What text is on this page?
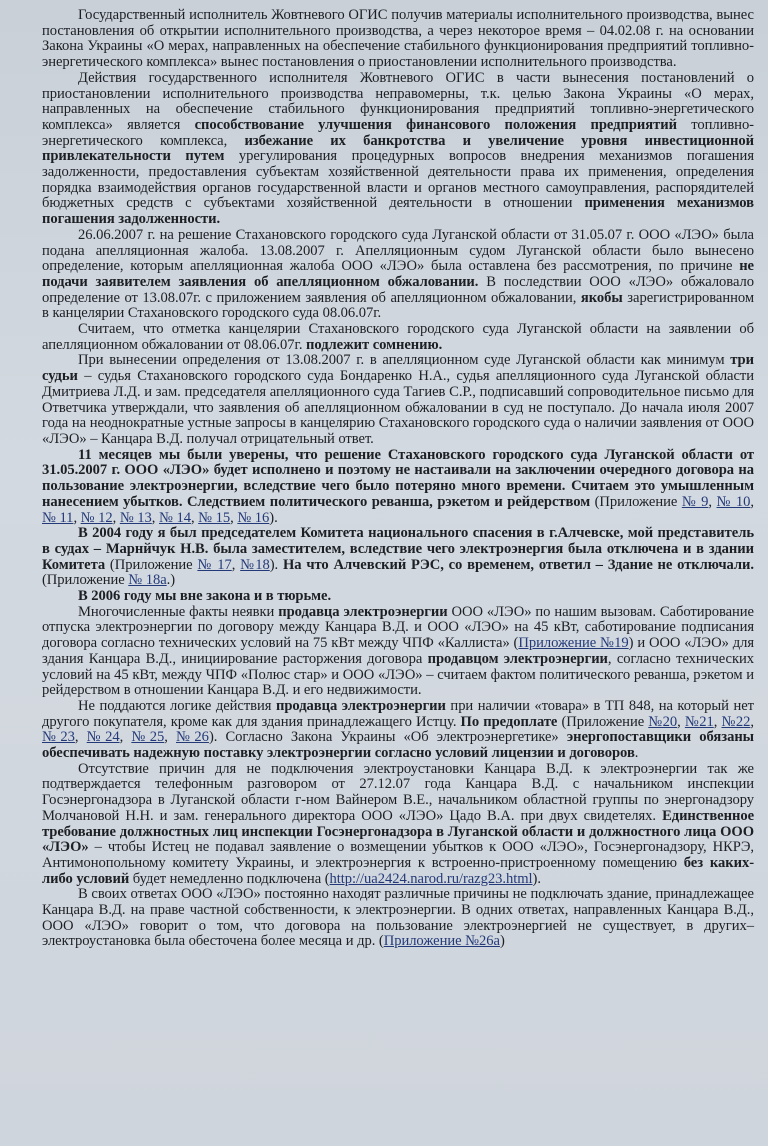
Государственный исполнитель Жовтневого ОГИС получив материалы исполнительного производства, вынес постановления об открытии исполнительного производства, а через некоторое время – 04.02.08 г. на основании Закона Украины «О мерах, направленных на обеспечение стабильного функционирования предприятий топливно-энергетического комплекса» вынес постановления о приостановлении исполнительного производства.

Действия государственного исполнителя Жовтневого ОГИС в части вынесения постановлений о приостановлении исполнительного производства неправомерны, т.к. целью Закона Украины «О мерах, направленных на обеспечение стабильного функционирования предприятий топливно-энергетического комплекса» является способствование улучшения финансового положения предприятий топливно-энергетического комплекса, избежание их банкротства и увеличение уровня инвестиционной привлекательности путем урегулирования процедурных вопросов внедрения механизмов погашения задолженности, предоставления субъектам хозяйственной деятельности права их применения, определения порядка взаимодействия органов государственной власти и органов местного самоуправления, распорядителей бюджетных средств с субъектами хозяйственной деятельности в отношении применения механизмов погашения задолженности.

26.06.2007 г. на решение Стахановского городского суда Луганской области от 31.05.07 г. ООО «ЛЭО» была подана апелляционная жалоба. 13.08.2007 г. Апелляционным судом Луганской области было вынесено определение, которым апелляционная жалоба ООО «ЛЭО» была оставлена без рассмотрения, по причине не подачи заявителем заявления об апелляционном обжаловании. В последствии ООО «ЛЭО» обжаловало определение от 13.08.07г. с приложением заявления об апелляционном обжаловании, якобы зарегистрированном в канцелярии Стахановского городского суда 08.06.07г.

Считаем, что отметка канцелярии Стахановского городского суда Луганской области на заявлении об апелляционном обжаловании от 08.06.07г. подлежит сомнению.

При вынесении определения от 13.08.2007 г. в апелляционном суде Луганской области как минимум три судьи – судья Стахановского городского суда Бондаренко Н.А., судья апелляционного суда Луганской области Дмитриева Л.Д. и зам. председателя апелляционного суда Тагиев С.Р., подписавший сопроводительное письмо для Ответчика утверждали, что заявления об апелляционном обжаловании в суд не поступало. До начала июля 2007 года на неоднократные устные запросы в канцелярию Стахановского городского суда о наличии заявления от ООО «ЛЭО» – Канцара В.Д. получал отрицательный ответ.

11 месяцев мы были уверены, что решение Стахановского городского суда Луганской области от 31.05.2007 г. ООО «ЛЭО» будет исполнено и поэтому не настаивали на заключении очередного договора на пользование электроэнергии, вследствие чего было потеряно много времени. Считаем это умышленным нанесением убытков. Следствием политического реванша, рэкетом и рейдерством (Приложение № 9, № 10, № 11, № 12, № 13, № 14, № 15, № 16).

В 2004 году я был председателем Комитета национального спасения в г.Алчевске, мой представитель в судах – Марнйчук Н.В. была заместителем, вследствие чего электроэнергия была отключена и в здании Комитета (Приложение № 17, №18). На что Алчевский РЭС, со временем, ответил – Здание не отключали. (Приложение № 18а.)

В 2006 году мы вне закона и в тюрьме.

Многочисленные факты неявки продавца электроэнергии ООО «ЛЭО» по нашим вызовам. Саботирование отпуска электроэнергии по договору между Канцара В.Д. и ООО «ЛЭО» на 45 кВт, саботирование подписания договора согласно технических условий на 75 кВт между ЧПФ «Каллиста» (Приложение №19) и ООО «ЛЭО» для здания Канцара В.Д., инициирование расторжения договора продавцом электроэнергии, согласно технических условий на 45 кВт, между ЧПФ «Полюс стар» и ООО «ЛЭО» – считаем фактом политического реванша, рэкетом и рейдерством в отношении Канцара В.Д. и его недвижимости.

Не поддаются логике действия продавца электроэнергии при наличии «товара» в ТП 848, на который нет другого покупателя, кроме как для здания принадлежащего Истцу. По предоплате (Приложение №20, №21, №22, №23, №24, №25, №26). Согласно Закона Украины «Об электроэнергетике» энергопоставщики обязаны обеспечивать надежную поставку электроэнергии согласно условий лицензии и договоров.

Отсутствие причин для не подключения электроустановки Канцара В.Д. к электроэнергии так же подтверждается телефонным разговором от 27.12.07 года Канцара В.Д. с начальником инспекции Госэнергонадзора в Луганской области г-ном Вайнером В.Е., начальником областной группы по энергонадзору Молчановой Н.Н. и зам. генерального директора ООО «ЛЭО» Цадо В.А. при двух свидетелях. Единственное требование должностных лиц инспекции Госэнергонадзора в Луганской области и должностного лица ООО «ЛЭО» – чтобы Истец не подавал заявление о возмещении убытков к ООО «ЛЭО», Госэнергонадзору, НКРЭ, Антимонопольному комитету Украины, и электроэнергия к встроенно-пристроенному помещению без каких-либо условий будет немедленно подключена (http://ua2424.narod.ru/razg23.html).

В своих ответах ООО «ЛЭО» постоянно находят различные причины не подключать здание, принадлежащее Канцара В.Д. на праве частной собственности, к электроэнергии. В одних ответах, направленных Канцара В.Д., ООО «ЛЭО» говорит о том, что договора на пользование электроэнергией не существует, в других– электроустановка была обесточена более месяца и др. (Приложение №26а)
